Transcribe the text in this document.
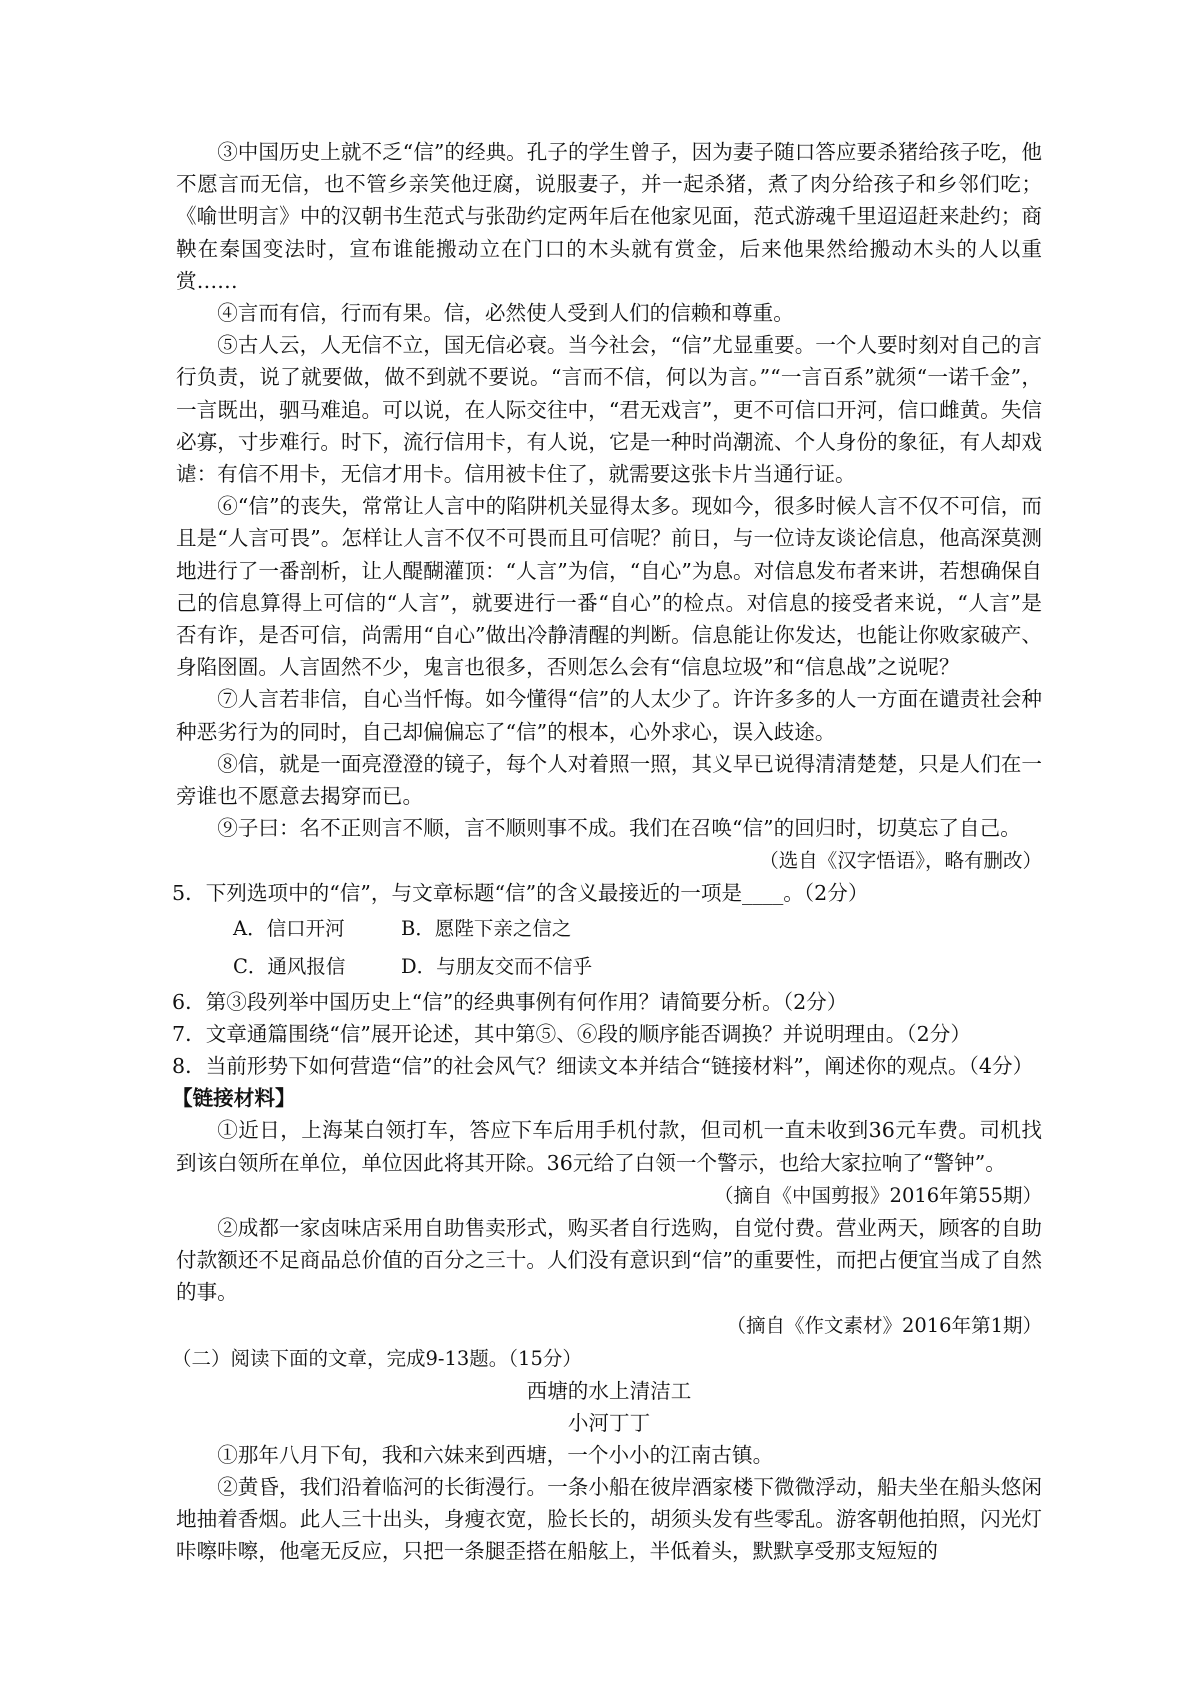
③中国历史上就不乏“信”的经典。孔子的学生曾子，因为妻子随口答应要杀猪给孩子吃，他不愿言而无信，也不管乡亲笑他迂腐，说服妻子，并一起杀猪，煮了肉分给孩子和乡邻们吃；《喻世明言》中的汉朝书生范式与张劭约定两年后在他家见面，范式游魂千里迢迢赶来赴约；商鞅在秦国变法时，宣布谁能搬动立在门口的木头就有赏金，后来他果然给搬动木头的人以重赏……

④言而有信，行而有果。信，必然使人受到人们的信赖和尊重。

⑤古人云，人无信不立，国无信必衰。当今社会，“信”尤显重要。一个人要时刻对自己的言行负责，说了就要做，做不到就不要说。“言而不信，何以为言。”“一言百系”就须“一诺千金”，一言既出，驷马难追。可以说，在人际交往中，“君无戏言”，更不可信口开河，信口雌黄。失信必寡，寸步难行。时下，流行信用卡，有人说，它是一种时尚潮流、个人身份的象征，有人却戏谑：有信不用卡，无信才用卡。信用被卡住了，就需要这张卡片当通行证。

⑥“信”的丧失，常常让人言中的陷阱机关显得太多。现如今，很多时候人言不仅不可信，而且是“人言可畏”。怎样让人言不仅不可畏而且可信呢？前日，与一位诗友谈论信息，他高深莫测地进行了一番剖析，让人醍醐灌顶：“人言”为信，“自心”为息。对信息发布者来讲，若想确保自己的信息算得上可信的“人言”，就要进行一番“自心”的检点。对信息的接受者来说，“人言”是否有诈，是否可信，尚需用“自心”做出冷静清醒的判断。信息能让你发达，也能让你败家破产、身陷囹圄。人言固然不少，鬼言也很多，否则怎么会有“信息垃圾”和“信息战”之说呢？

⑦人言若非信，自心当忏悔。如今懂得“信”的人太少了。许许多多的人一方面在谴责社会种种恶劣行为的同时，自己却偏偏忘了“信”的根本，心外求心，误入歧途。

⑧信，就是一面亮澄澄的镜子，每个人对着照一照，其义早已说得清清楚楚，只是人们在一旁谁也不愿意去揭穿而已。

⑨子曰：名不正则言不顺，言不顺则事不成。我们在召唤“信”的回归时，切莫忘了自己。

（选自《汉字悟语》，略有删改）

5．下列选项中的“信”，与文章标题“信”的含义最接近的一项是____。（2分）

A．信口开河	B．愿陛下亲之信之
C．通风报信	D．与朋友交而不信乎

6．第③段列举中国历史上“信”的经典事例有何作用？请简要分析。（2分）

7．文章通篇围绕“信”展开论述，其中第⑤、⑥段的顺序能否调换？并说明理由。（2分）

8．当前形势下如何营造“信”的社会风气？细读文本并结合“链接材料”，阐述你的观点。（4分）

【链接材料】

①近日，上海某白领打车，答应下车后用手机付款，但司机一直未收到36元车费。司机找到该白领所在单位，单位因此将其开除。36元给了白领一个警示，也给大家拉响了“警钟”。

（摘自《中国剪报》2016年第55期）

②成都一家卤味店采用自助售卖形式，购买者自行选购，自觉付费。营业两天，顾客的自助付款额还不足商品总价值的百分之三十。人们没有意识到“信”的重要性，而把占便宜当成了自然的事。

（摘自《作文素材》2016年第1期）

（二）阅读下面的文章，完成9-13题。（15分）

西塘的水上清洁工

小河丁丁

①那年八月下旬，我和六妹来到西塘，一个小小的江南古镇。

②黄昏，我们沿着临河的长街漫行。一条小船在彼岸酒家楼下微微浮动，船夫坐在船头悠闲地抽着香烟。此人三十出头，身瘦衣宽，脸长长的，胡须头发有些零乱。游客朝他拍照，闪光灯咔嚓咔嚓，他毫无反应，只把一条腿歪搭在船舷上，半低着头，默默享受那支短短的
